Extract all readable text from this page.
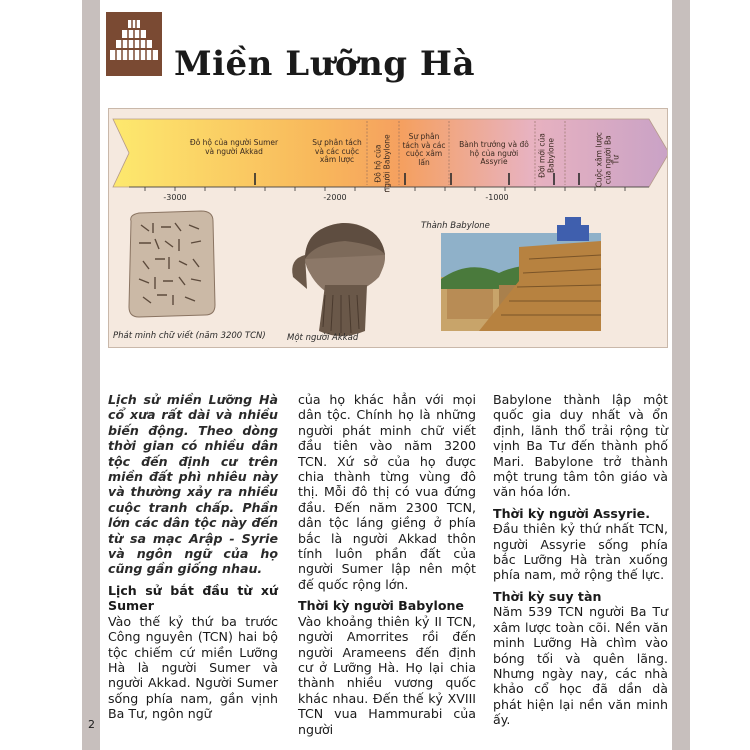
Miền Lưỡng Hà
Đô hộ của người Sumer và người Akkad
Sự phân tách và các cuộc xâm lược	Đô hộ của người Babylone	Sự phân tách và các cuộc xâm lấn
Bành trướng và đô hộ của người Assyrie	Đời mới của Babylone	Cuộc xâm lược của người Ba Tư
-3000	-2000	-1000
Phát minh chữ viết (năm 3200 TCN)	Một người Akkad
Thành Babylone

Lịch sử miền Lưỡng Hà cổ xưa rất dài và nhiều biến động. Theo dòng thời gian có nhiều dân tộc đến định cư trên miền đất phì nhiêu này và thường xảy ra nhiều cuộc tranh chấp. Phần lớn các dân tộc này đến từ sa mạc Arập - Syrie và ngôn ngữ của họ cũng gần giống nhau.

Lịch sử bắt đầu từ xứ Sumer

Vào thế kỷ thứ ba trước Công nguyên (TCN) hai bộ tộc chiếm cứ miền Lưỡng Hà là người Sumer và người Akkad. Người Sumer sống phía nam, gần vịnh Ba Tư, ngôn ngữ

của họ khác hẳn với mọi dân tộc. Chính họ là những người phát minh chữ viết đầu tiên vào năm 3200 TCN. Xứ sở của họ được chia thành từng vùng đô thị. Mỗi đô thị có vua đứng đầu. Đến năm 2300 TCN, dân tộc láng giềng ở phía bắc là người Akkad thôn tính luôn phần đất của người Sumer lập nên một đế quốc rộng lớn.

Thời kỳ người Babylone

Vào khoảng thiên kỷ II TCN, người Amorrites rồi đến người Arameens đến định cư ở Lưỡng Hà. Họ lại chia thành nhiều vương quốc khác nhau. Đến thế kỷ XVIII TCN vua Hammurabi của người

Babylone thành lập một quốc gia duy nhất và ổn định, lãnh thổ trải rộng từ vịnh Ba Tư đến thành phố Mari. Babylone trở thành một trung tâm tôn giáo và văn hóa lớn.

Thời kỳ người Assyrie.

Đầu thiên kỷ thứ nhất TCN, người Assyrie sống phía bắc Lưỡng Hà tràn xuống phía nam, mở rộng thế lực.

Thời kỳ suy tàn

Năm 539 TCN người Ba Tư xâm lược toàn cõi. Nền văn minh Lưỡng Hà chìm vào bóng tối và quên lãng. Nhưng ngày nay, các nhà khảo cổ học đã dần dà phát hiện lại nền văn minh ấy.

2
